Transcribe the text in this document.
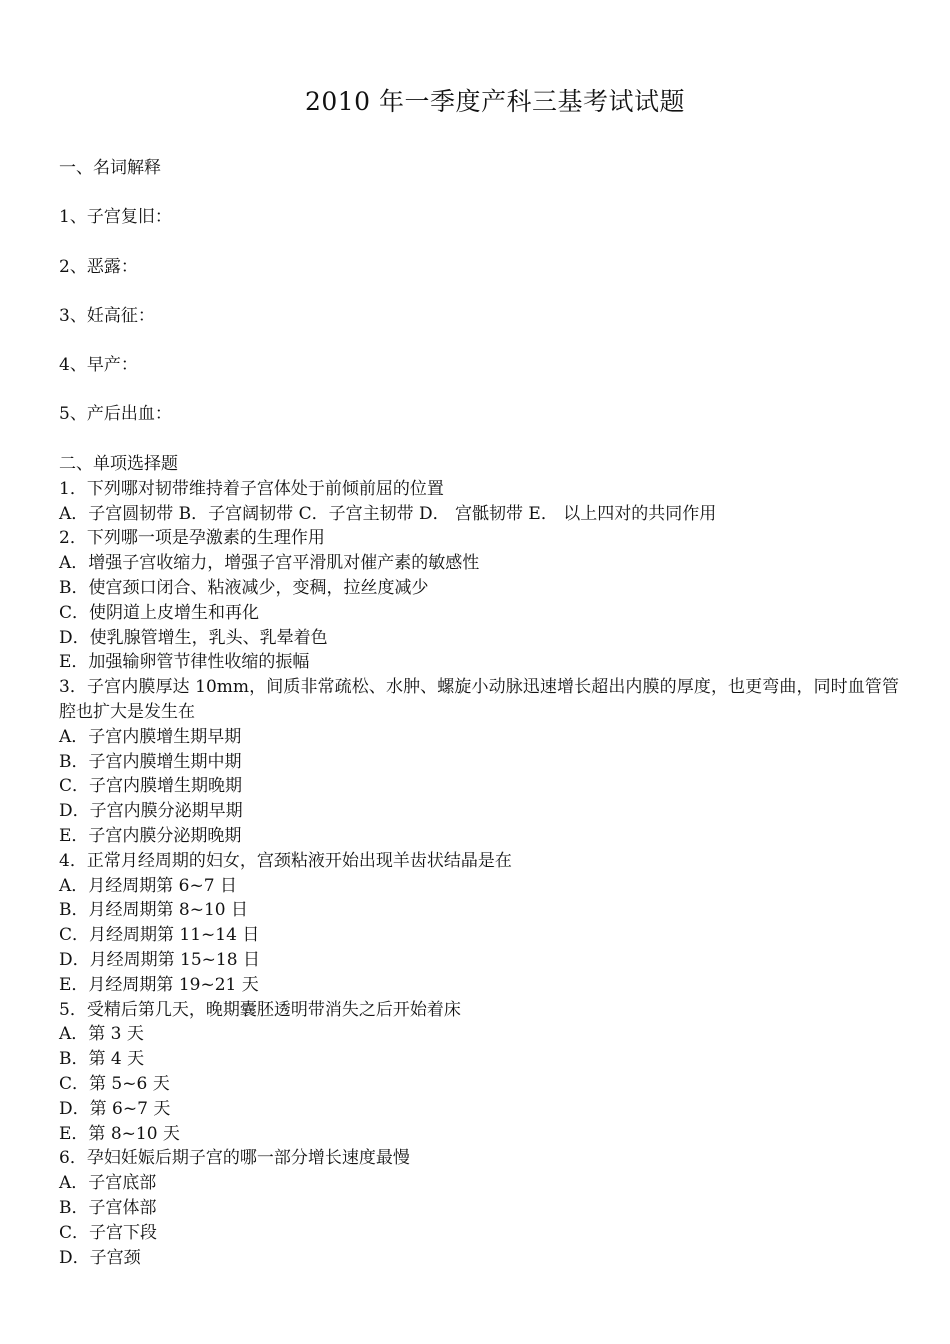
2010 年一季度产科三基考试试题
一、名词解释
1、子宫复旧：
2、恶露：
3、妊高征：
4、早产：
5、产后出血：
二、单项选择题
1．下列哪对韧带维持着子宫体处于前倾前屈的位置
A．子宫圆韧带 B．子宫阔韧带 C．子宫主韧带 D． 宫骶韧带 E． 以上四对的共同作用
2．下列哪一项是孕激素的生理作用
A．增强子宫收缩力，增强子宫平滑肌对催产素的敏感性
B．使宫颈口闭合、粘液减少，变稠，拉丝度减少
C．使阴道上皮增生和再化
D．使乳腺管增生，乳头、乳晕着色
E．加强输卵管节律性收缩的振幅
3．子宫内膜厚达 10mm，间质非常疏松、水肿、螺旋小动脉迅速增长超出内膜的厚度，也更弯曲，同时血管管腔也扩大是发生在
A．子宫内膜增生期早期
B．子宫内膜增生期中期
C．子宫内膜增生期晚期
D．子宫内膜分泌期早期
E．子宫内膜分泌期晚期
4．正常月经周期的妇女，宫颈粘液开始出现羊齿状结晶是在
A．月经周期第 6~7 日
B．月经周期第 8~10 日
C．月经周期第 11~14 日
D．月经周期第 15~18 日
E．月经周期第 19~21 天
5．受精后第几天，晚期囊胚透明带消失之后开始着床
A．第 3 天
B．第 4 天
C．第 5~6 天
D．第 6~7 天
E．第 8~10 天
6．孕妇妊娠后期子宫的哪一部分增长速度最慢
A．子宫底部
B．子宫体部
C．子宫下段
D．子宫颈
